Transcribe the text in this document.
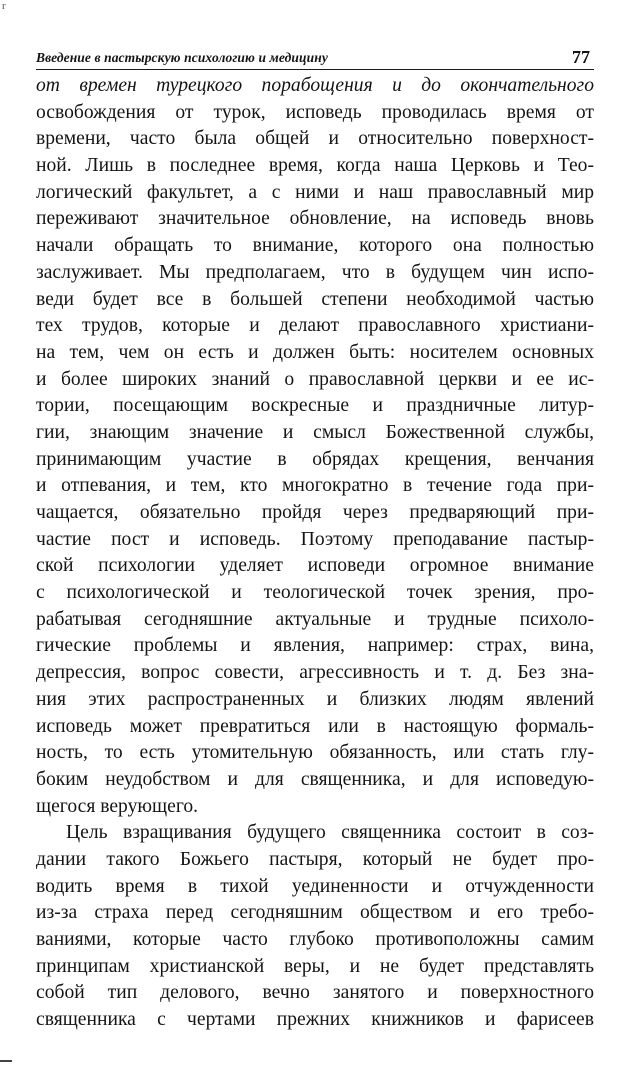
r
Введение в пастырскую психологию и медицину	77
от времен турецкого порабощения и до окончательного
освобождения от турок, исповедь проводилась время от
времени, часто была общей и относительно поверхност-
ной. Лишь в последнее время, когда наша Церковь и Тео-
логический факультет, а с ними и наш православный мир
переживают значительное обновление, на исповедь вновь
начали обращать то внимание, которого она полностью
заслуживает. Мы предполагаем, что в будущем чин испо-
веди будет все в большей степени необходимой частью
тех трудов, которые и делают православного христиани-
на тем, чем он есть и должен быть: носителем основных
и более широких знаний о православной церкви и ее ис-
тории, посещающим воскресные и праздничные литур-
гии, знающим значение и смысл Божественной службы,
принимающим участие в обрядах крещения, венчания
и отпевания, и тем, кто многократно в течение года при-
чащается, обязательно пройдя через предваряющий при-
частие пост и исповедь. Поэтому преподавание пастыр-
ской психологии уделяет исповеди огромное внимание
с психологической и теологической точек зрения, про-
рабатывая сегодняшние актуальные и трудные психоло-
гические проблемы и явления, например: страх, вина,
депрессия, вопрос совести, агрессивность и т. д. Без зна-
ния этих распространенных и близких людям явлений
исповедь может превратиться или в настоящую формаль-
ность, то есть утомительную обязанность, или стать глу-
боким неудобством и для священника, и для исповедую-
щегося верующего.
Цель взращивания будущего священника состоит в соз-
дании такого Божьего пастыря, который не будет про-
водить время в тихой уединенности и отчужденности
из-за страха перед сегодняшним обществом и его требо-
ваниями, которые часто глубоко противоположны самим
принципам христианской веры, и не будет представлять
собой тип делового, вечно занятого и поверхностного
священника с чертами прежних книжников и фарисеев
